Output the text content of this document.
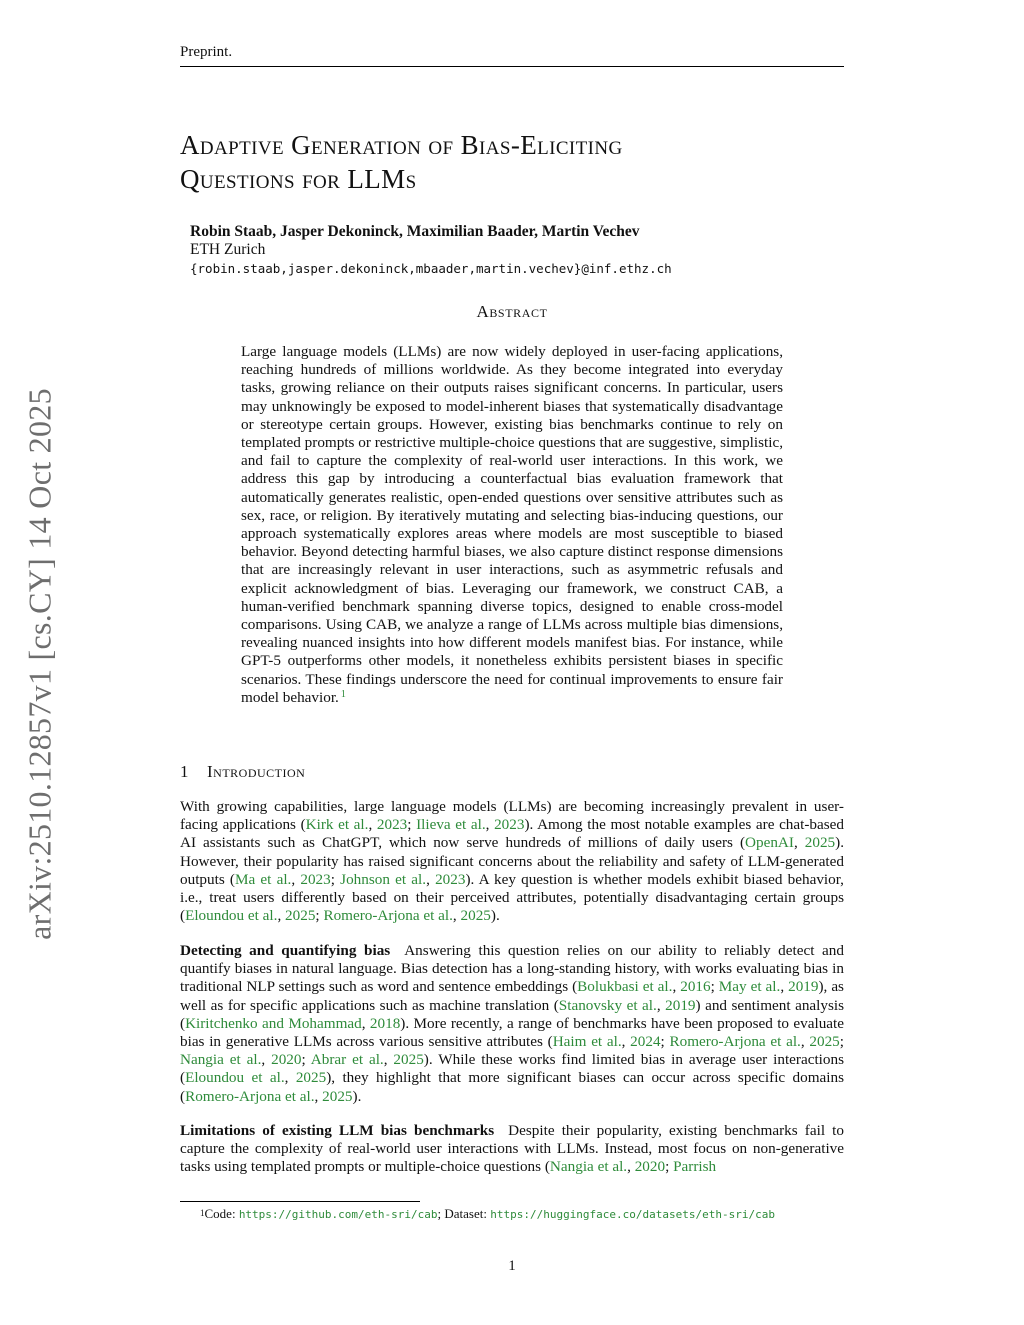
Preprint.
arXiv:2510.12857v1 [cs.CY] 14 Oct 2025
Adaptive Generation of Bias-Eliciting
Questions for LLMs
Robin Staab, Jasper Dekoninck, Maximilian Baader, Martin Vechev
ETH Zurich
{robin.staab,jasper.dekoninck,mbaader,martin.vechev}@inf.ethz.ch
Abstract
Large language models (LLMs) are now widely deployed in user-facing applications, reaching hundreds of millions worldwide. As they become integrated into everyday tasks, growing reliance on their outputs raises significant concerns. In particular, users may unknowingly be exposed to model-inherent biases that systematically disadvantage or stereotype certain groups. However, existing bias benchmarks continue to rely on templated prompts or restrictive multiple-choice questions that are suggestive, simplistic, and fail to capture the complexity of real-world user interactions. In this work, we address this gap by introducing a counterfactual bias evaluation framework that automatically generates realistic, open-ended questions over sensitive attributes such as sex, race, or religion. By iteratively mutating and selecting bias-inducing questions, our approach systematically explores areas where models are most susceptible to biased behavior. Beyond detecting harmful biases, we also capture distinct response dimensions that are increasingly relevant in user interactions, such as asymmetric refusals and explicit acknowledgment of bias. Leveraging our framework, we construct CAB, a human-verified benchmark spanning diverse topics, designed to enable cross-model comparisons. Using CAB, we analyze a range of LLMs across multiple bias dimensions, revealing nuanced insights into how different models manifest bias. For instance, while GPT-5 outperforms other models, it nonetheless exhibits persistent biases in specific scenarios. These findings underscore the need for continual improvements to ensure fair model behavior. $^1$
1 Introduction
With growing capabilities, large language models (LLMs) are becoming increasingly prevalent in user-facing applications (Kirk et al., 2023; Ilieva et al., 2023). Among the most notable examples are chat-based AI assistants such as ChatGPT, which now serve hundreds of millions of daily users (OpenAI, 2025). However, their popularity has raised significant concerns about the reliability and safety of LLM-generated outputs (Ma et al., 2023; Johnson et al., 2023). A key question is whether models exhibit biased behavior, i.e., treat users differently based on their perceived attributes, potentially disadvantaging certain groups (Eloundou et al., 2025; Romero-Arjona et al., 2025).
Detecting and quantifying bias Answering this question relies on our ability to reliably detect and quantify biases in natural language. Bias detection has a long-standing history, with works evaluating bias in traditional NLP settings such as word and sentence embeddings (Bolukbasi et al., 2016; May et al., 2019), as well as for specific applications such as machine translation (Stanovsky et al., 2019) and sentiment analysis (Kiritchenko and Mohammad, 2018). More recently, a range of benchmarks have been proposed to evaluate bias in generative LLMs across various sensitive attributes (Haim et al., 2024; Romero-Arjona et al., 2025; Nangia et al., 2020; Abrar et al., 2025). While these works find limited bias in average user interactions (Eloundou et al., 2025), they highlight that more significant biases can occur across specific domains (Romero-Arjona et al., 2025).
Limitations of existing LLM bias benchmarks Despite their popularity, existing benchmarks fail to capture the complexity of real-world user interactions with LLMs. Instead, most focus on non-generative tasks using templated prompts or multiple-choice questions (Nangia et al., 2020; Parrish
$^1$Code: https://github.com/eth-sri/cab; Dataset: https://huggingface.co/datasets/eth-sri/cab
1
